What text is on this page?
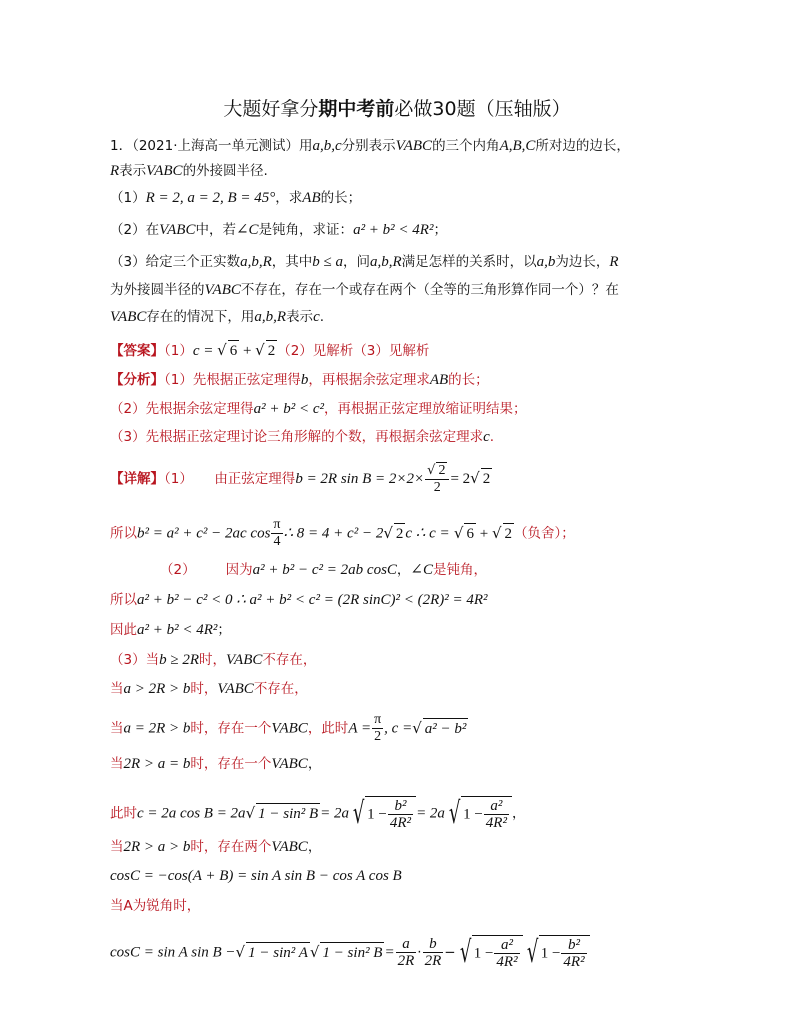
大题好拿分期中考前必做30题（压轴版）
1．（2021·上海高一单元测试）用a,b,c分别表示VABC的三个内角A,B,C所对边的边长，
R表示VABC的外接圆半径.
（1）R = 2, a = 2, B = 45°，求AB的长；
（2）在VABC中，若∠C是钝角，求证：a² + b² < 4R²；
（3）给定三个正实数a,b,R，其中b ≤ a，问a,b,R满足怎样的关系时，以a,b为边长，R
为外接圆半径的VABC不存在，存在一个或存在两个（全等的三角形算作同一个）？在
VABC存在的情况下，用a,b,R表示c.
【答案】（1）c = √ 6 + √ 2 （2）见解析（3）见解析
【分析】（1）先根据正弦定理得b，再根据余弦定理求AB的长；
（2）先根据余弦定理得a² + b² < c²，再根据正弦定理放缩证明结果；
（3）先根据正弦定理讨论三角形解的个数，再根据余弦定理求c.
【详解】（1） 由正弦定理得b = 2R $\sin B = 2\times 2\times \frac{√ 2}{2} = 2√$ 2
所以b² = a² + c² − 2ac $\cos \frac{\pi}{4}$ ∴ 8 = 4 + c² − 2√ 2 c ∴ c = √ 6 + √ 2 （负舍）；
（2） 因为a² + b² − c² = 2ab cosC，∠C是钝角，
所以a² + b² − c² < 0 ∴ a² + b² < c² = (2R sinC)² < (2R)² = 4R²
因此a² + b² < 4R²；
（3）当b ≥ 2R时，VABC不存在，
当a > 2R > b时，VABC不存在，
当a = 2R > b时，存在一个VABC，此时$A = \frac{\pi}{2}$ , c =√ a² − b²
当2R > a = b时，存在一个VABC，
此时c = 2a cos B = 2a√ 1 − sin² B = 2a √ $1 - \frac{\text{b²}}{\text{4R²}} = 2a$ √ $1 - \frac{\text{a²}}{\text{4R²}}$ ，
当2R > a > b时，存在两个VABC，
cosC = −cos(A + B) = sin A sin B − cos A cos B
当A为锐角时，
cosC = sin A sin B −√ 1 − sin² A √ 1 − sin² $B = \frac{a}{2R} \cdot \frac{b}{2R}$ − √ $1 - \frac{\text{a²}}{\text{4R²}}$ √ $1 - \frac{\text{b²}}{\text{4R²}}$
